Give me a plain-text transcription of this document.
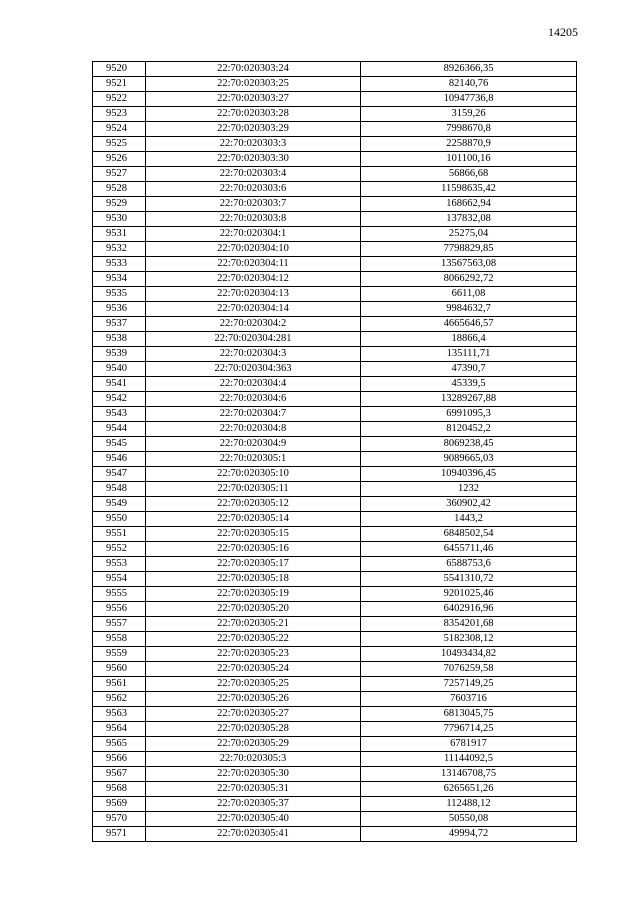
14205
9520	22:70:020303:24	8926366,35
9521	22:70:020303:25	82140,76
9522	22:70:020303:27	10947736,8
9523	22:70:020303:28	3159,26
9524	22:70:020303:29	7998670,8
9525	22:70:020303:3	2258870,9
9526	22:70:020303:30	101100,16
9527	22:70:020303:4	56866,68
9528	22:70:020303:6	11598635,42
9529	22:70:020303:7	168662,94
9530	22:70:020303:8	137832,08
9531	22:70:020304:1	25275,04
9532	22:70:020304:10	7798829,85
9533	22:70:020304:11	13567563,08
9534	22:70:020304:12	8066292,72
9535	22:70:020304:13	6611,08
9536	22:70:020304:14	9984632,7
9537	22:70:020304:2	4665646,57
9538	22:70:020304:281	18866,4
9539	22:70:020304:3	135111,71
9540	22:70:020304:363	47390,7
9541	22:70:020304:4	45339,5
9542	22:70:020304:6	13289267,88
9543	22:70:020304:7	6991095,3
9544	22:70:020304:8	8120452,2
9545	22:70:020304:9	8069238,45
9546	22:70:020305:1	9089665,03
9547	22:70:020305:10	10940396,45
9548	22:70:020305:11	1232
9549	22:70:020305:12	360902,42
9550	22:70:020305:14	1443,2
9551	22:70:020305:15	6848502,54
9552	22:70:020305:16	6455711,46
9553	22:70:020305:17	6588753,6
9554	22:70:020305:18	5541310,72
9555	22:70:020305:19	9201025,46
9556	22:70:020305:20	6402916,96
9557	22:70:020305:21	8354201,68
9558	22:70:020305:22	5182308,12
9559	22:70:020305:23	10493434,82
9560	22:70:020305:24	7076259,58
9561	22:70:020305:25	7257149,25
9562	22:70:020305:26	7603716
9563	22:70:020305:27	6813045,75
9564	22:70:020305:28	7796714,25
9565	22:70:020305:29	6781917
9566	22:70:020305:3	11144092,5
9567	22:70:020305:30	13146708,75
9568	22:70:020305:31	6265651,26
9569	22:70:020305:37	112488,12
9570	22:70:020305:40	50550,08
9571	22:70:020305:41	49994,72
